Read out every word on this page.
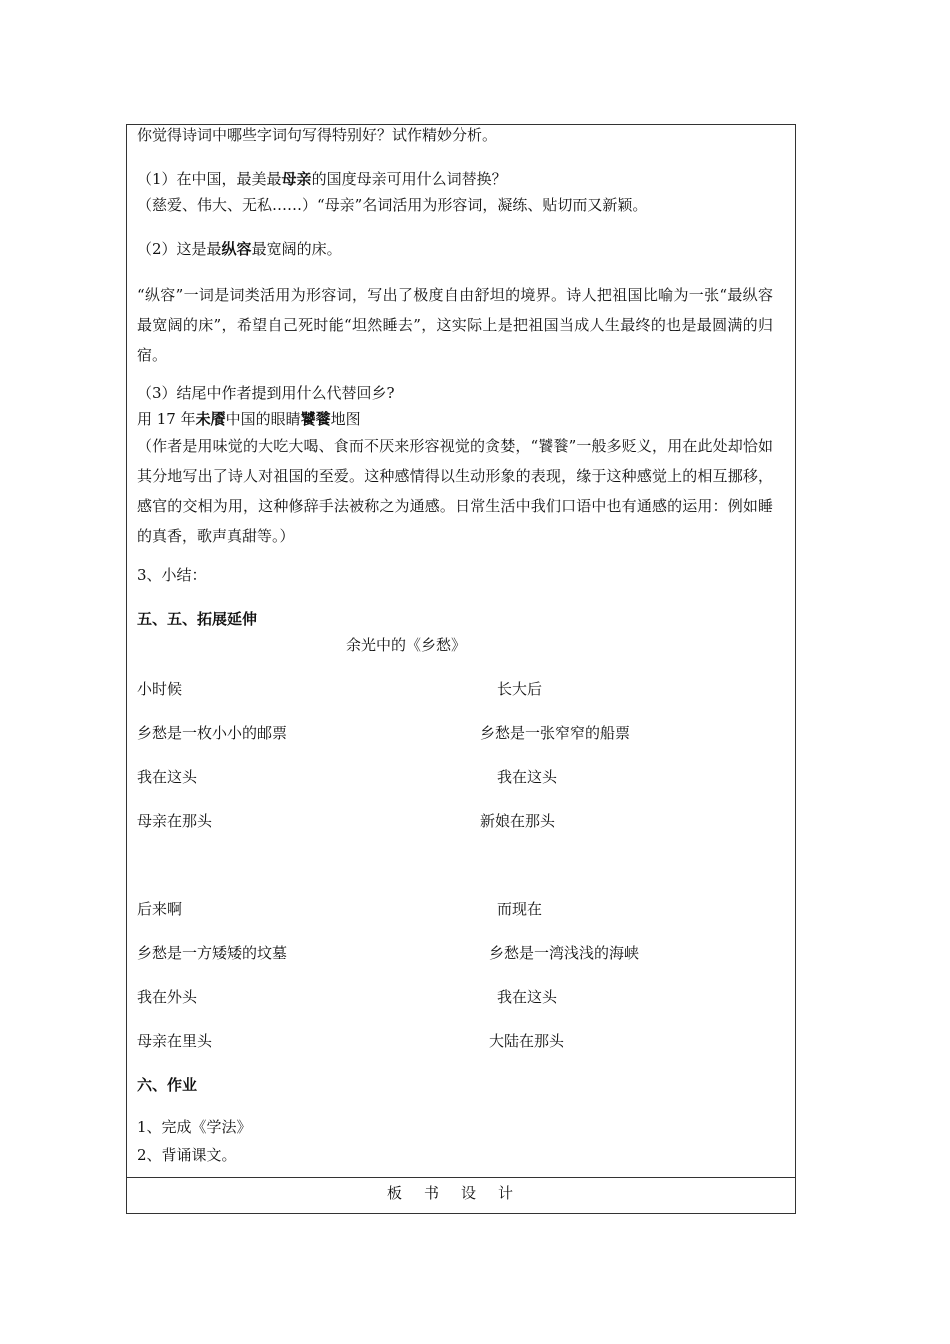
你觉得诗词中哪些字词句写得特别好？试作精妙分析。
（1）在中国，最美最母亲的国度母亲可用什么词替换？
（慈爱、伟大、无私……）“母亲”名词活用为形容词，凝练、贴切而又新颖。
（2）这是最纵容最宽阔的床。
“纵容”一词是词类活用为形容词，写出了极度自由舒坦的境界。诗人把祖国比喻为一张“最纵容最宽阔的床”，希望自己死时能“坦然睡去”，这实际上是把祖国当成人生最终的也是最圆满的归宿。
（3）结尾中作者提到用什么代替回乡?
用 17 年未餍中国的眼睛饕餮地图
（作者是用味觉的大吃大喝、食而不厌来形容视觉的贪婪，“饕餮”一般多贬义，用在此处却恰如其分地写出了诗人对祖国的至爱。这种感情得以生动形象的表现，缘于这种感觉上的相互挪移，感官的交相为用，这种修辞手法被称之为通感。日常生活中我们口语中也有通感的运用：例如睡的真香，歌声真甜等。）
3、小结：
五、五、拓展延伸
余光中的《乡愁》
小时候	长大后
乡愁是一枚小小的邮票	乡愁是一张窄窄的船票
我在这头	我在这头
母亲在那头	新娘在那头
后来啊	而现在
乡愁是一方矮矮的坟墓	乡愁是一湾浅浅的海峡
我在外头	我在这头
母亲在里头	大陆在那头
六、作业
1、完成《学法》
2、背诵课文。
板书设计
